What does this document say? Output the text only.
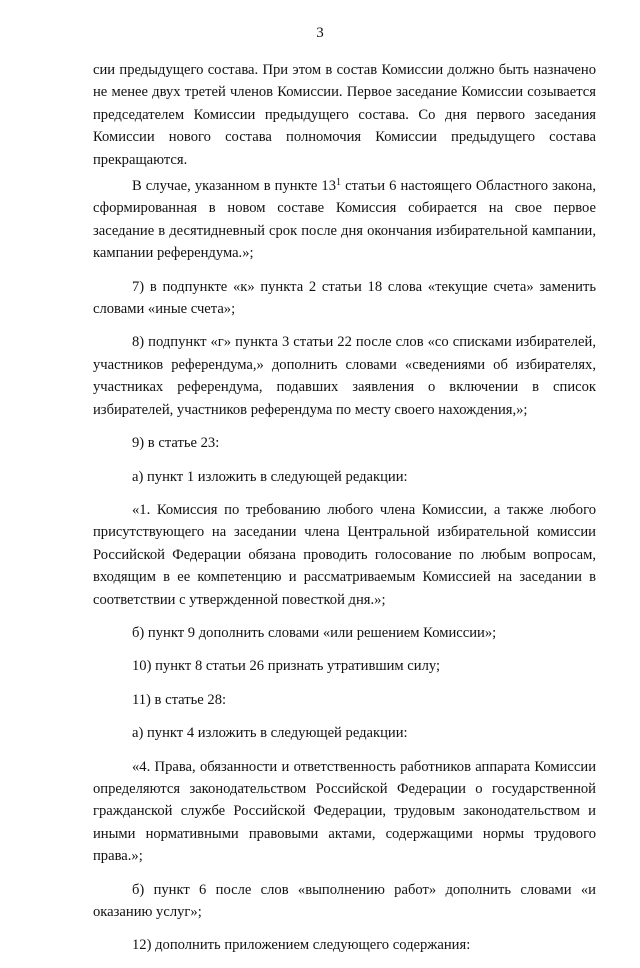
3

сии предыдущего состава. При этом в состав Комиссии должно быть назначено не менее двух третей членов Комиссии. Первое заседание Комиссии созывается председателем Комиссии предыдущего состава. Со дня первого заседания Комиссии нового состава полномочия Комиссии предыдущего состава прекращаются.

В случае, указанном в пункте $13^1$ статьи 6 настоящего Областного закона, сформированная в новом составе Комиссия собирается на свое первое заседание в десятидневный срок после дня окончания избирательной кампании, кампании референдума.»;

7) в подпункте «к» пункта 2 статьи 18 слова «текущие счета» заменить словами «иные счета»;

8) подпункт «г» пункта 3 статьи 22 после слов «со списками избирателей, участников референдума,» дополнить словами «сведениями об избирателях, участниках референдума, подавших заявления о включении в список избирателей, участников референдума по месту своего нахождения,»;

9) в статье 23:

а) пункт 1 изложить в следующей редакции:

«1. Комиссия по требованию любого члена Комиссии, а также любого присутствующего на заседании члена Центральной избирательной комиссии Российской Федерации обязана проводить голосование по любым вопросам, входящим в ее компетенцию и рассматриваемым Комиссией на заседании в соответствии с утвержденной повесткой дня.»;

б) пункт 9 дополнить словами «или решением Комиссии»;

10) пункт 8 статьи 26 признать утратившим силу;

11) в статье 28:

а) пункт 4 изложить в следующей редакции:

«4. Права, обязанности и ответственность работников аппарата Комиссии определяются законодательством Российской Федерации о государственной гражданской службе Российской Федерации, трудовым законодательством и иными нормативными правовыми актами, содержащими нормы трудового права.»;

б) пункт 6 после слов «выполнению работ» дополнить словами «и оказанию услуг»;

12) дополнить приложением следующего содержания:
